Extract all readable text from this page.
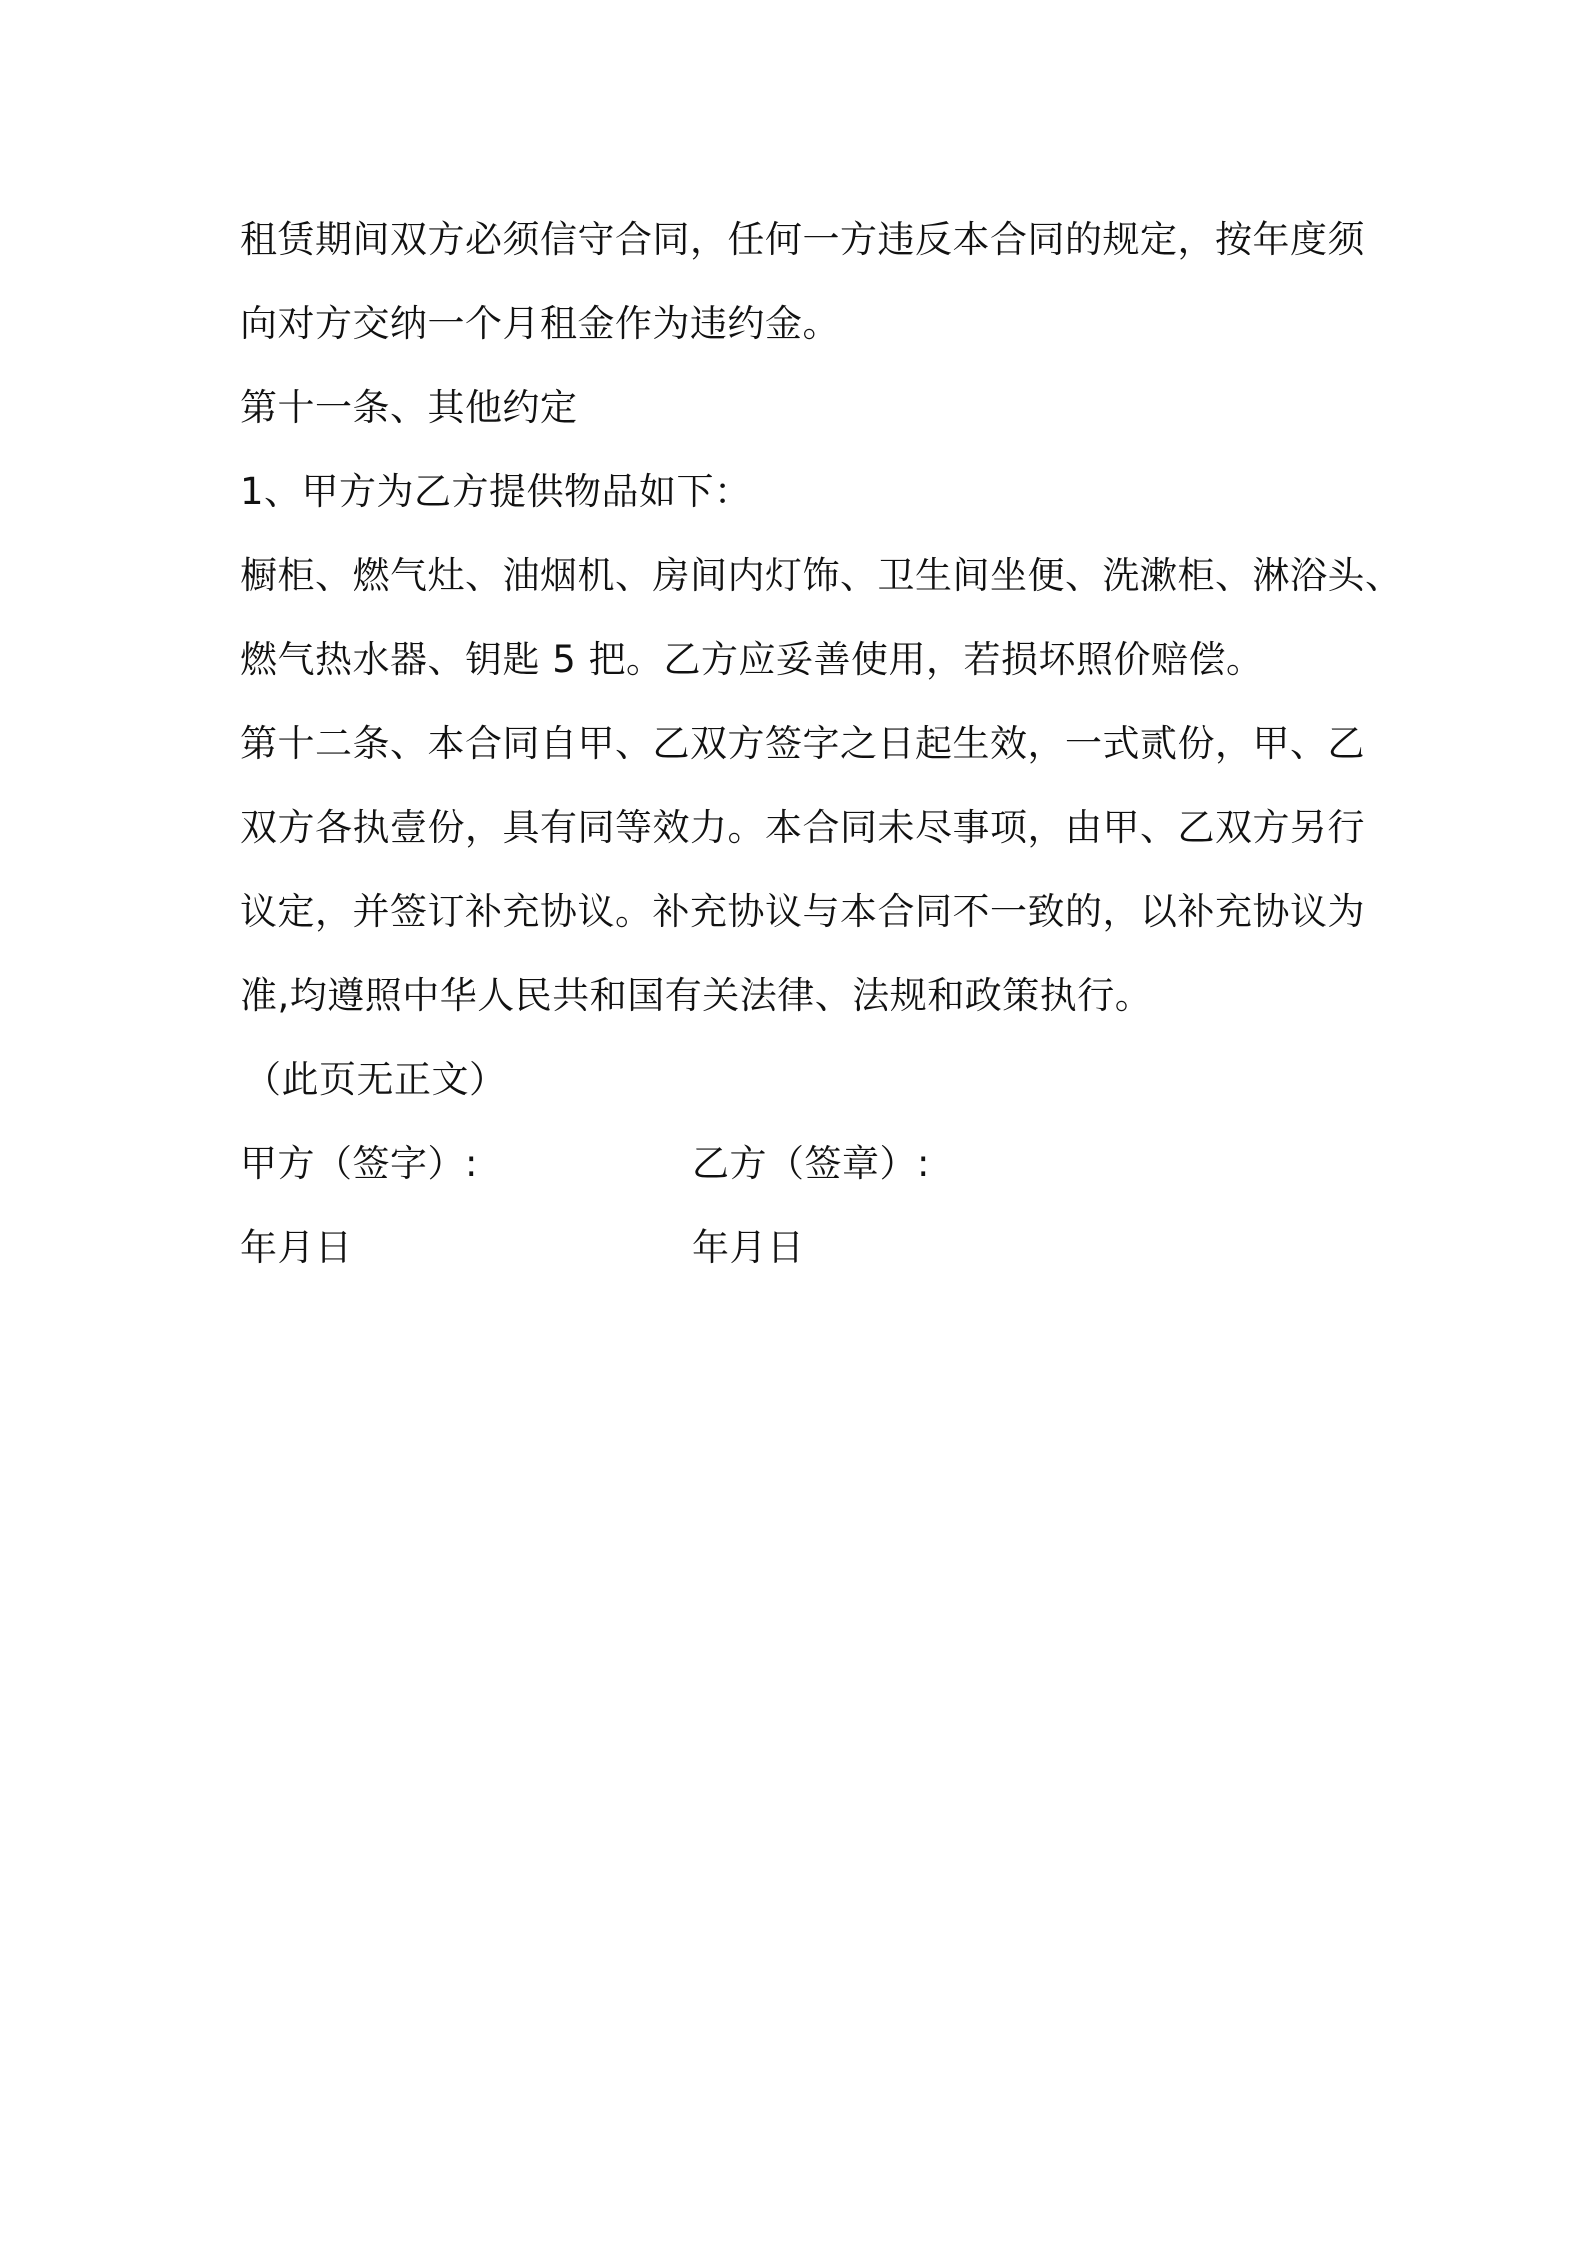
租赁期间双方必须信守合同，任何一方违反本合同的规定，按年度须
向对方交纳一个月租金作为违约金。
第十一条、其他约定
1、甲方为乙方提供物品如下：
橱柜、燃气灶、油烟机、房间内灯饰、卫生间坐便、洗漱柜、淋浴头、
燃气热水器、钥匙 5 把。乙方应妥善使用，若损坏照价赔偿。
第十二条、本合同自甲、乙双方签字之日起生效，一式贰份，甲、乙
双方各执壹份，具有同等效力。本合同未尽事项，由甲、乙双方另行
议定，并签订补充协议。补充协议与本合同不一致的，以补充协议为
准,均遵照中华人民共和国有关法律、法规和政策执行。
（此页无正文）
甲方（签字）:	乙方（签章）:
年月日	年月日
